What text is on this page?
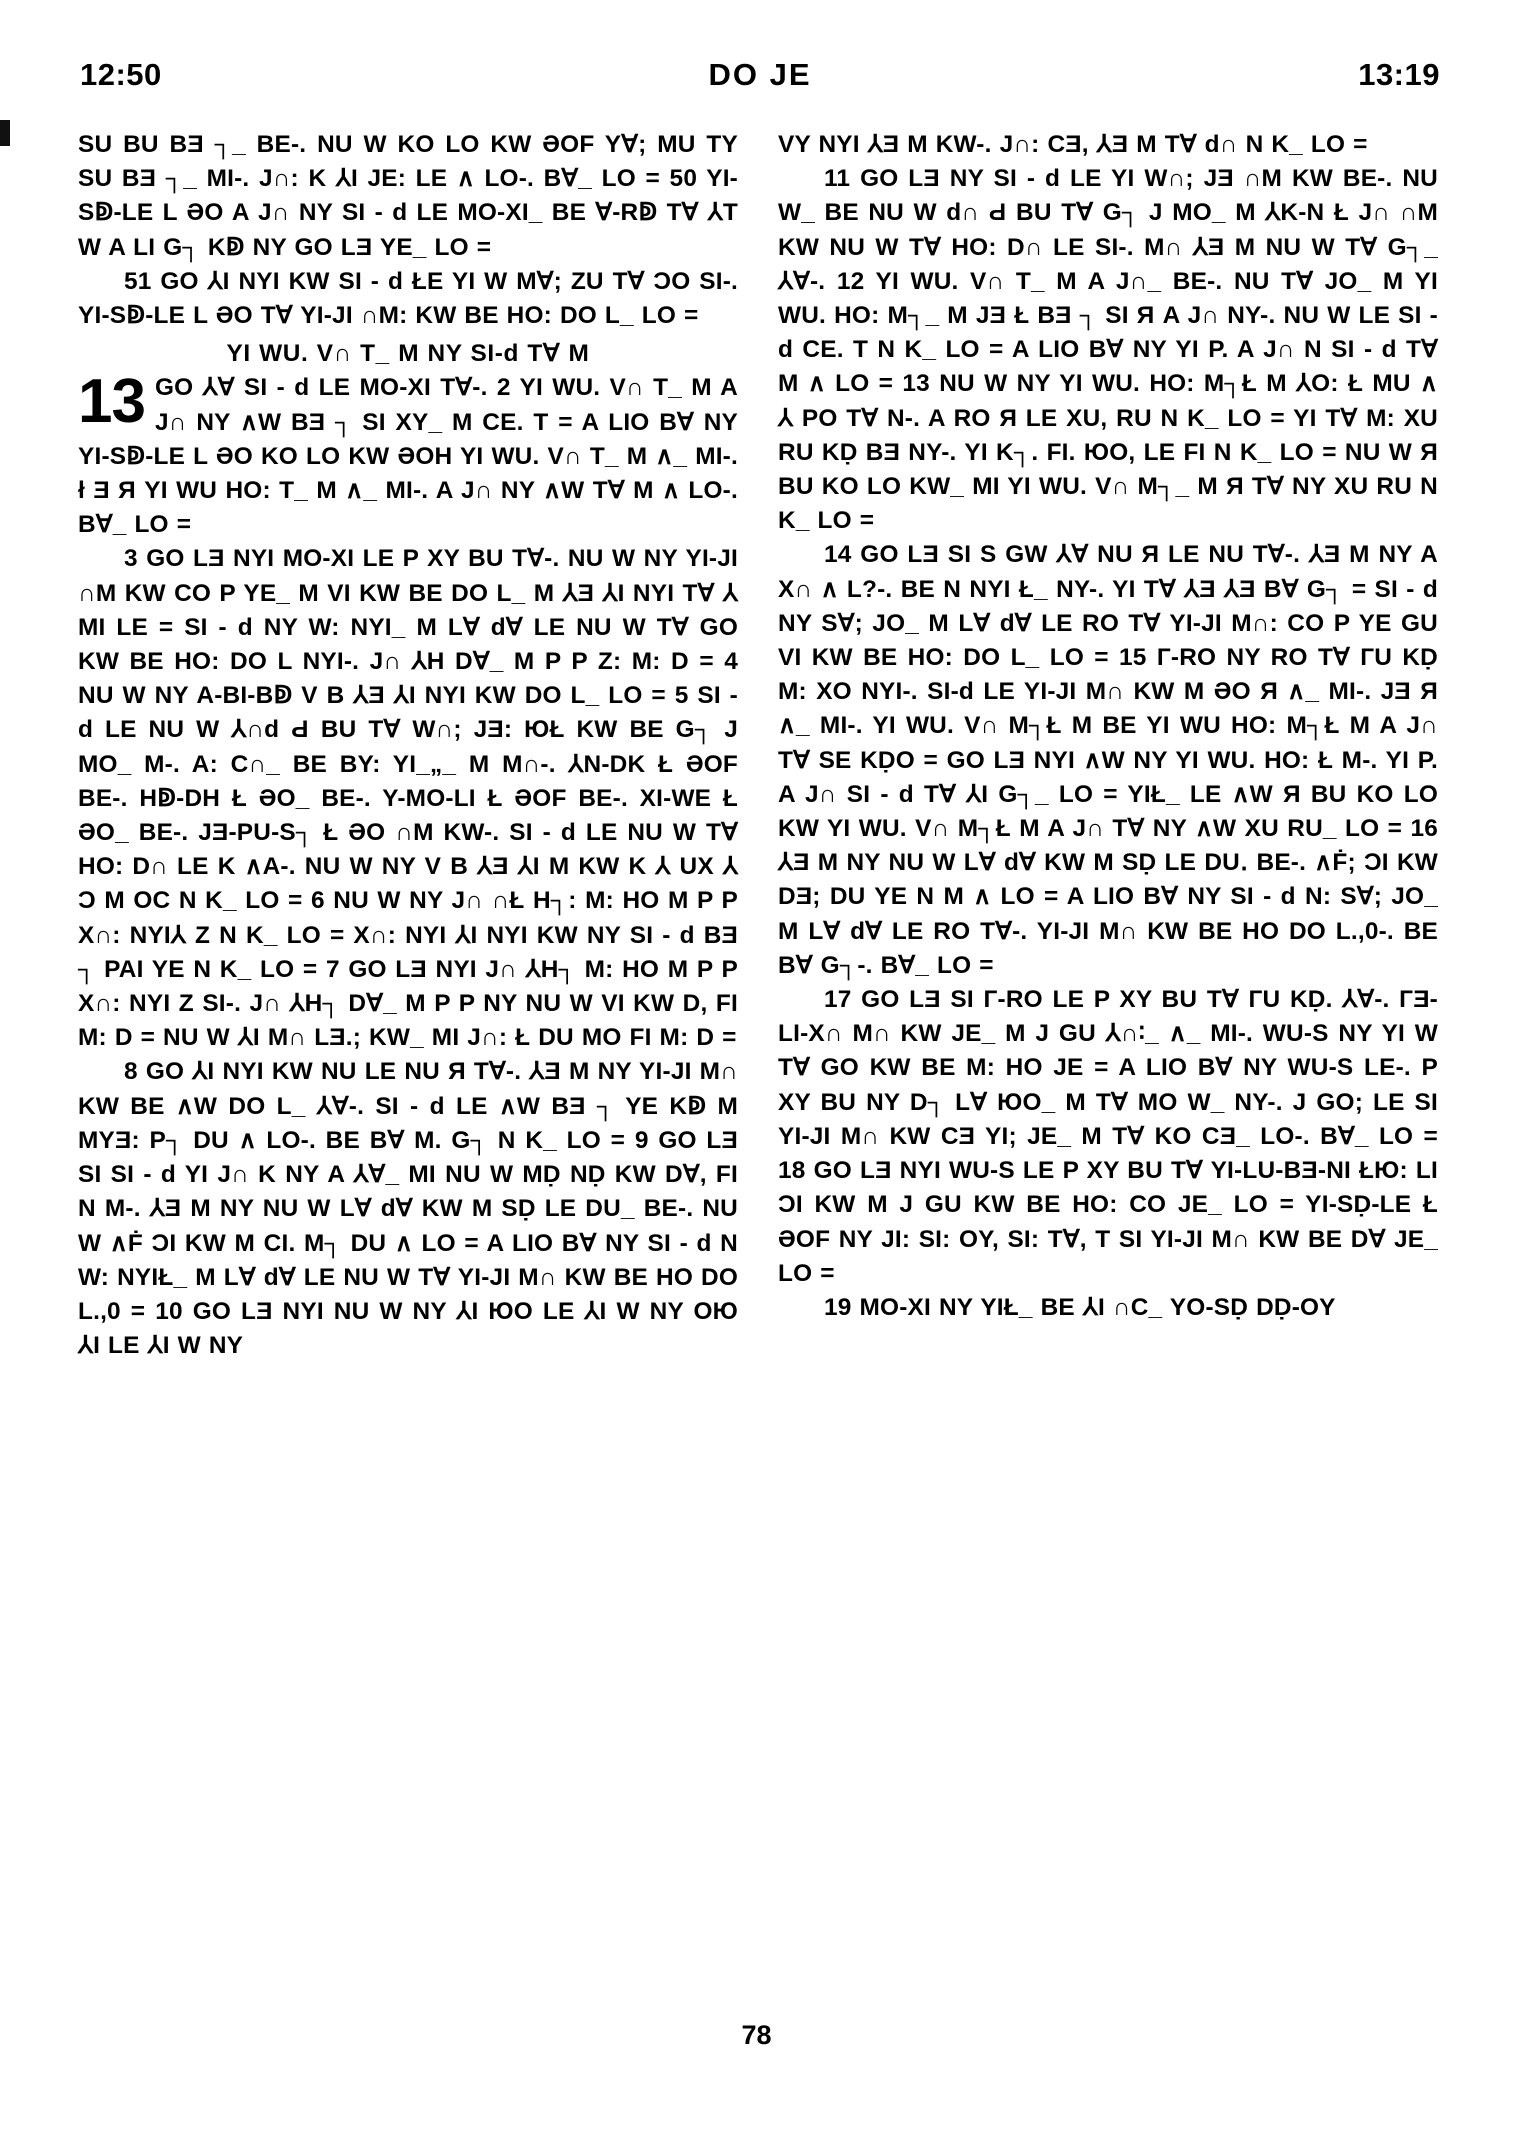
12:50	DO JE	13:19

SU BU BƎ ┐_ BE-. NU W KO LO KW ƏOF Y∀; MU TY SU BƎ ┐_ MI-. J∩: K ⅄I JE: LE ∧ LO-. B∀_ LO = 50 YI-Sↁ-LE L ƏO A J∩ NY SI - d LE MO-XI_ BE ∀-Rↁ T∀ ⅄T W A LI G┐ Kↁ NY GO LƎ YE_ LO =

51 GO ⅄I NYI KW SI - d ŁE YI W M∀; ZU T∀ ƆO SI-. YI-Sↁ-LE L ƏO T∀ YI-JI ∩M: KW BE HO: DO L_ LO =

YI WU. V∩ T_ M NY SI-d T∀ M

13 GO ⅄∀ SI - d LE MO-XI T∀-. 2 YI WU. V∩ T_ M A J∩ NY ∧W BƎ ┐ SI XY_ M CE. T = A LIO B∀ NY YI-Sↁ-LE L ƏO KO LO KW ƏOH YI WU. V∩ T_ M ∧_ MI-. ł Ǝ Я YI WU HO: T_ M ∧_ MI-. A J∩ NY ∧W T∀ M ∧ LO-. B∀_ LO =

3 GO LƎ NYI MO-XI LE P XY BU T∀-. NU W NY YI-JI ∩M KW CO P YE_ M VI KW BE DO L_ M ⅄Ǝ ⅄I NYI T∀ ⅄ MI LE = SI - d NY W: NYI_ M L∀ d∀ LE NU W T∀ GO KW BE HO: DO L NYI-. J∩ ⅄H D∀_ M P P Z: M: D = 4 NU W NY A-BI-Bↁ V B ⅄Ǝ ⅄I NYI KW DO L_ LO = 5 SI - d LE NU W ⅄∩ԁ Ԁ BU T∀ W∩; JƎ: ЮŁ KW BE G┐ J MO_ M-. A: C∩_ BE BY: YI_„_ M M∩-. ⅄N-DK Ł ƏOF BE-. Hↁ-DH Ł ƏO_ BE-. Y-MO-LI Ł ƏOF BE-. XI-WE Ł ƏO_ BE-. JƎ-PU-S┐ Ł ƏO ∩M KW-. SI - d LE NU W T∀ HO: D∩ LE K ∧A-. NU W NY V B ⅄Ǝ ⅄I M KW K ⅄ UX ⅄ Ɔ M OC N K_ LO = 6 NU W NY J∩ ∩Ł H┐: M: HO M P P X∩: NYI⅄ Z N K_ LO = X∩: NYI ⅄I NYI KW NY SI - d BƎ ┐ PAI YE N K_ LO = 7 GO LƎ NYІ J∩ ⅄H┐ M: HO M P P X∩: NYI Z SI-. J∩ ⅄H┐ D∀_ M P P NY NU W VI KW D, FI M: D = NU W ⅄I M∩ LƎ.; KW_ MI J∩: Ł DU MO FI M: D =

8 GO ⅄I NYI KW NU LE NU Я T∀-. ⅄Ǝ M NY YI-JI M∩ KW BE ∧W DO L_ ⅄∀-. SI - d LE ∧W BƎ ┐ YE Kↁ M MYƎ: P┐ DU ∧ LO-. BE B∀ M. G┐ N K_ LO = 9 GO LƎ SI SI - d YI J∩ K NY A ⅄∀_ MI NU W MḌ NḌ KW D∀, FI N M-. ⅄Ǝ M NY NU W L∀ d∀ KW M SḌ LE DU_ BE-. NU W ∧Ḟ ƆI KW M CI. M┐ DU ∧ LO = A LIO B∀ NY SI - d N W: NYIŁ_ M L∀ d∀ LE NU W T∀ YI-JI M∩ KW BE HO DO L.,0 = 10 GO LƎ NYI NU W NY ⅄I ЮO LE ⅄I W NY OЮ ⅄I LE ⅄I W NY

VY NYI ⅄Ǝ M KW-. J∩: CƎ, ⅄Ǝ M T∀ d∩ N K_ LO =

11 GO LƎ NY SI - d LE YI W∩; JƎ ∩M KW BE-. NU W_ BE NU W d∩ Ԁ BU T∀ G┐ J MO_ M ⅄K-N Ł J∩ ∩M KW NU W T∀ HO: D∩ LE SI-. M∩ ⅄Ǝ M NU W T∀ G┐_ ⅄∀-. 12 YI WU. V∩ T_ M A J∩_ BE-. NU T∀ JO_ M YI WU. HO: M┐_ M JƎ Ł BƎ ┐ SI Я A J∩ NY-. NU W LE SI - d CE. T N K_ LO = A LIO B∀ NY YI P. A J∩ N SI - d T∀ M ∧ LO = 13 NU W NY YI WU. HO: M┐Ł M ⅄O: Ł MU ∧ ⅄ PO T∀ N-. A RO Я LE XU, RU N K_ LO = YI T∀ M: XU RU KḌ BƎ NY-. YI K┐. FI. ЮO, LE FI N K_ LO = NU W Я BU KO LO KW_ MI YI WU. V∩ M┐_ M Я T∀ NY XU RU N K_ LO =

14 GO LƎ SI S GW ⅄∀ NU Я LE NU T∀-. ⅄Ǝ M NY A X∩ ∧ L?-. BE N NYI Ł_ NY-. YI T∀ ⅄Ǝ ⅄Ǝ B∀ G┐ = SI - d NY S∀; JO_ M L∀ d∀ LE RO T∀ YI-JI M∩: CO P YE GU VI KW BE HO: DO L_ LO = 15 Г-RO NY RO T∀ ГU KḌ M: XO NYI-. SI-d LE YI-JI M∩ KW M ƏO Я ∧_ MI-. JƎ Я ∧_ MI-. YI WU. V∩ M┐Ł M BE YI WU HO: M┐Ł M A J∩ T∀ SE KḌO = GO LƎ NYI ∧W NY YI WU. HO: Ł M-. YI P. A J∩ SI - d T∀ ⅄I G┐_ LO = YIŁ_ LE ∧W Я BU KO LO KW YI WU. V∩ M┐Ł M A J∩ T∀ NY ∧W XU RU_ LO = 16 ⅄Ǝ M NY NU W L∀ d∀ KW M SḌ LE DU․ BE-. ∧Ḟ; ƆI KW DƎ; DU YE N M ∧ LO = A LIO B∀ NY SI - d N: S∀; JO_ M L∀ d∀ LE RO T∀-. YI-JI M∩ KW BE HO DO L.,0-. BE B∀ G┐-. B∀_ LO =

17 GO LƎ SI Г-RO LE P XY BU T∀ ГU KḌ. ⅄∀-. ГƎ-LI-X∩ M∩ KW JE_ M J GU ⅄∩∶_ ∧_ MI-. WU-S NY YI W T∀ GO KW BE M: HO JE = A LIO B∀ NY WU-S LE-. P XY BU NY D┐ L∀ ЮO_ M T∀ MO W_ NY-. J GO; LE SI YI-JI M∩ KW CƎ YI; JE_ M T∀ KO CƎ_ LO-. B∀_ LO = 18 GO LƎ NYI WU-S LE P XY BU T∀ YI-LU-BƎ-NI ŁЮ: LI ƆI KW M J GU KW BE HO: CO JE_ LO = YI-SḌ-LE Ł ƏOF NY JI: SI: ОY, SI: T∀, T SI YI-JI M∩ KW BE D∀ JE_ LO =

19 MO-XI NY YIŁ_ BE ⅄I ∩C_ YO-SḌ DḌ-OY

78
